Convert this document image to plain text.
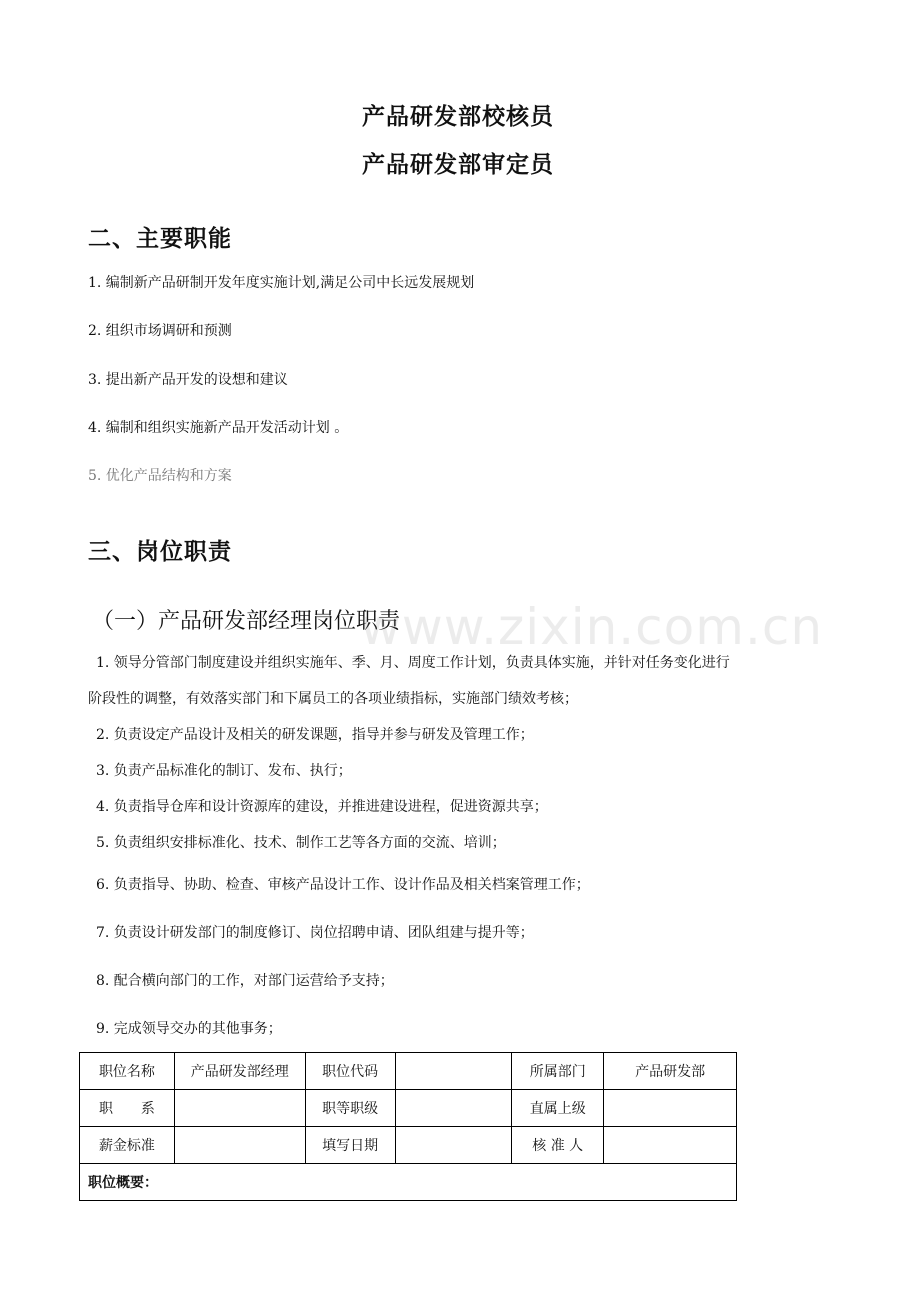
产品研发部校核员
产品研发部审定员
二、主要职能
1. 编制新产品研制开发年度实施计划,满足公司中长远发展规划
2. 组织市场调研和预测
3. 提出新产品开发的设想和建议
4. 编制和组织实施新产品开发活动计划 。
5. 优化产品结构和方案
三、岗位职责
（一）产品研发部经理岗位职责
www.zixin.com.cn
1. 领导分管部门制度建设并组织实施年、季、月、周度工作计划，负责具体实施，并针对任务变化进行
阶段性的调整，有效落实部门和下属员工的各项业绩指标，实施部门绩效考核；
2. 负责设定产品设计及相关的研发课题，指导并参与研发及管理工作；
3. 负责产品标准化的制订、发布、执行；
4. 负责指导仓库和设计资源库的建设，并推进建设进程，促进资源共享；
5. 负责组织安排标准化、技术、制作工艺等各方面的交流、培训；
6. 负责指导、协助、检查、审核产品设计工作、设计作品及相关档案管理工作；
7. 负责设计研发部门的制度修订、岗位招聘申请、团队组建与提升等；
8. 配合横向部门的工作，对部门运营给予支持；
9. 完成领导交办的其他事务；
职位名称	产品研发部经理	职位代码		所属部门	产品研发部
职　　系		职等职级		直属上级	
薪金标准		填写日期		核 准 人	
职位概要：					
